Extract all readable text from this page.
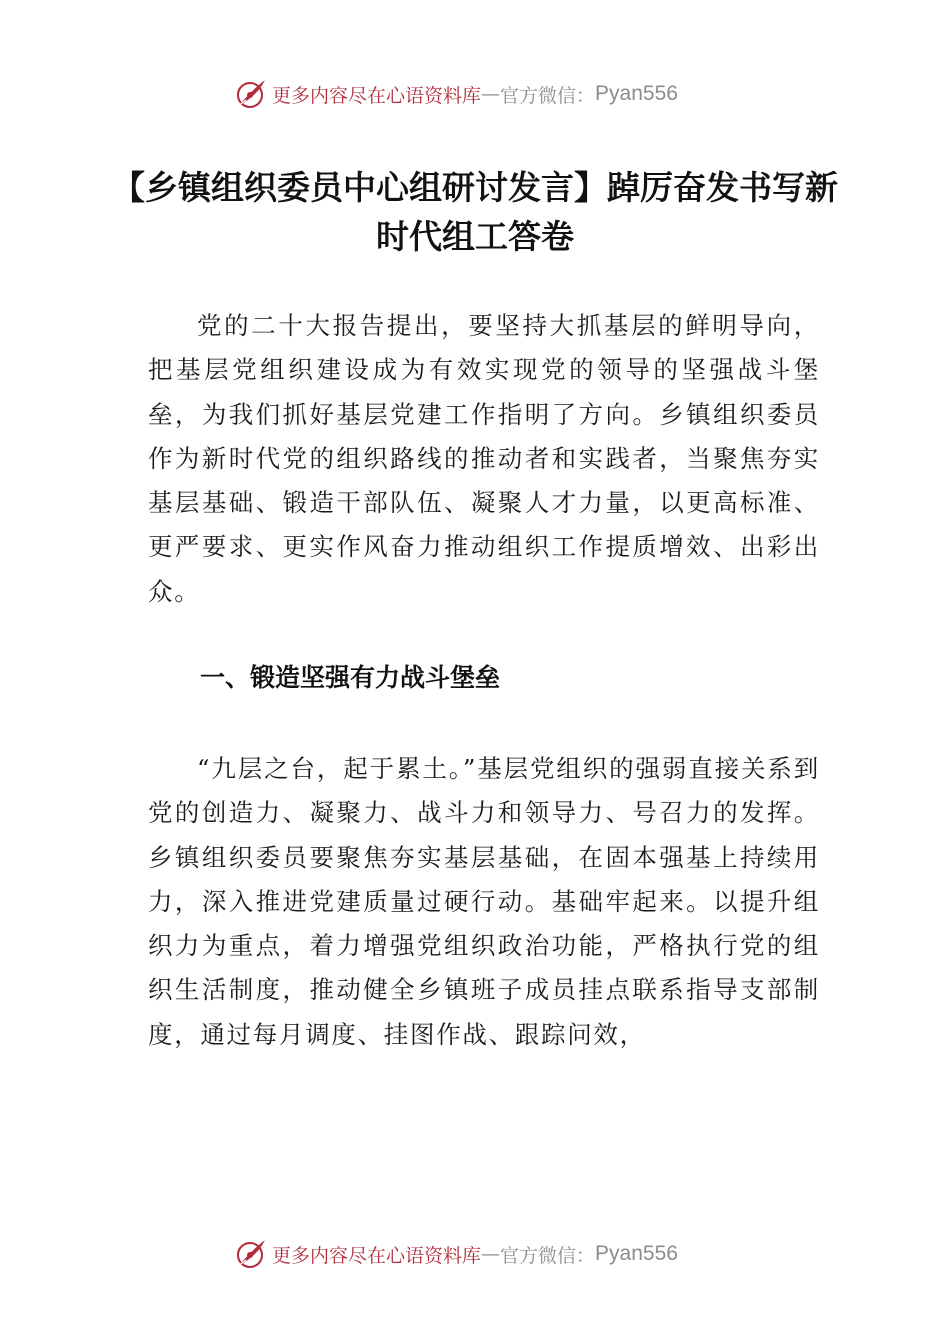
更多内容尽在心语资料库 — 官方微信： Pyan556
【乡镇组织委员中心组研讨发言】踔厉奋发书写新时代组工答卷

党的二十大报告提出，要坚持大抓基层的鲜明导向，把基层党组织建设成为有效实现党的领导的坚强战斗堡垒，为我们抓好基层党建工作指明了方向。乡镇组织委员作为新时代党的组织路线的推动者和实践者，当聚焦夯实基层基础、锻造干部队伍、凝聚人才力量，以更高标准、更严要求、更实作风奋力推动组织工作提质增效、出彩出众。

一、锻造坚强有力战斗堡垒

“九层之台，起于累土。”基层党组织的强弱直接关系到党的创造力、凝聚力、战斗力和领导力、号召力的发挥。乡镇组织委员要聚焦夯实基层基础，在固本强基上持续用力，深入推进党建质量过硬行动。基础牢起来。以提升组织力为重点，着力增强党组织政治功能，严格执行党的组织生活制度，推动健全乡镇班子成员挂点联系指导支部制度，通过每月调度、挂图作战、跟踪问效，

更多内容尽在心语资料库 — 官方微信： Pyan556
